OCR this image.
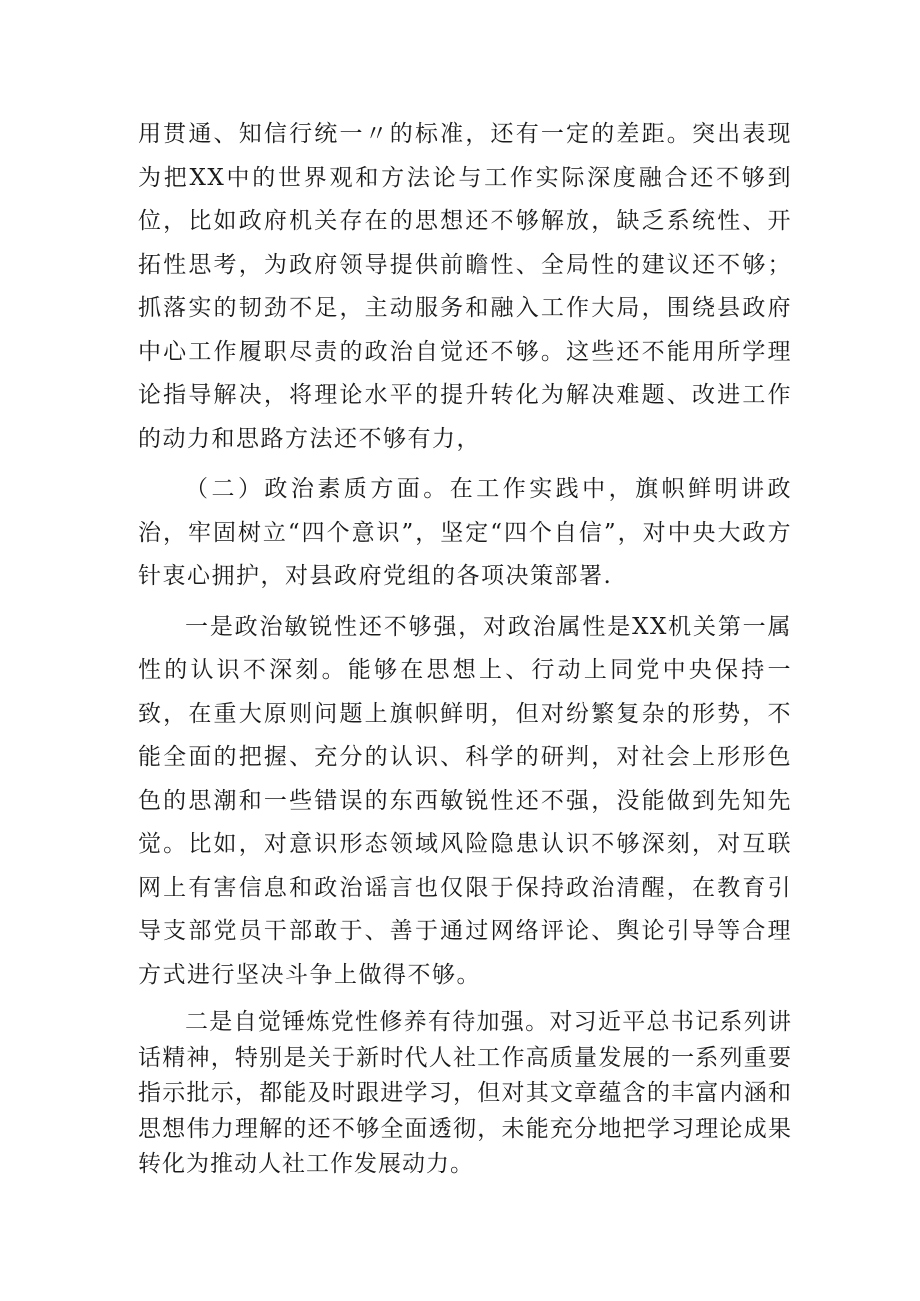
用贯通、知信行统一〃的标准，还有一定的差距。突出表现为把XX中的世界观和方法论与工作实际深度融合还不够到位，比如政府机关存在的思想还不够解放，缺乏系统性、开拓性思考，为政府领导提供前瞻性、全局性的建议还不够；抓落实的韧劲不足，主动服务和融入工作大局，围绕县政府中心工作履职尽责的政治自觉还不够。这些还不能用所学理论指导解决，将理论水平的提升转化为解决难题、改进工作的动力和思路方法还不够有力，

（二）政治素质方面。在工作实践中，旗帜鲜明讲政治，牢固树立“四个意识”，坚定“四个自信”，对中央大政方针衷心拥护，对县政府党组的各项决策部署.

一是政治敏锐性还不够强，对政治属性是XX机关第一属性的认识不深刻。能够在思想上、行动上同党中央保持一致，在重大原则问题上旗帜鲜明，但对纷繁复杂的形势，不能全面的把握、充分的认识、科学的研判，对社会上形形色色的思潮和一些错误的东西敏锐性还不强，没能做到先知先觉。比如，对意识形态领域风险隐患认识不够深刻，对互联网上有害信息和政治谣言也仅限于保持政治清醒，在教育引导支部党员干部敢于、善于通过网络评论、舆论引导等合理方式进行坚决斗争上做得不够。

二是自觉锤炼党性修养有待加强。对习近平总书记系列讲话精神，特别是关于新时代人社工作高质量发展的一系列重要指示批示，都能及时跟进学习，但对其文章蕴含的丰富内涵和思想伟力理解的还不够全面透彻，未能充分地把学习理论成果转化为推动人社工作发展动力。
